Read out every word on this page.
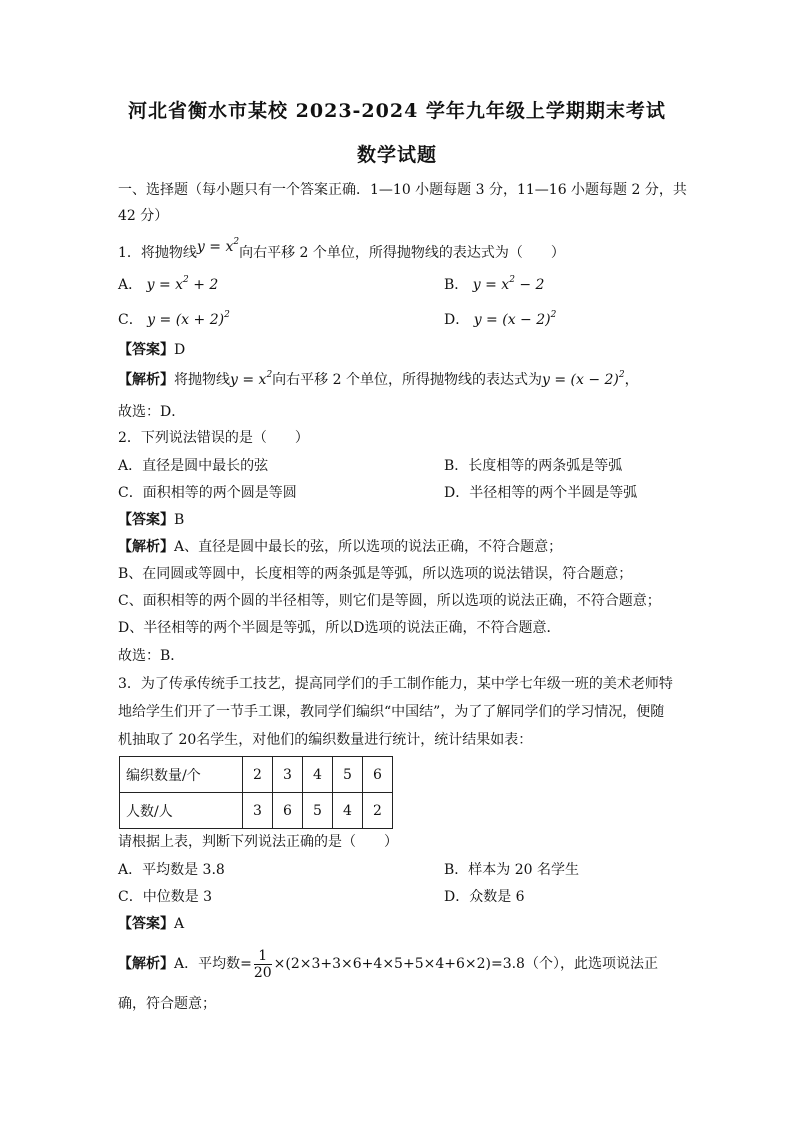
河北省衡水市某校 2023-2024 学年九年级上学期期末考试
数学试题
一、选择题（每小题只有一个答案正确．1—10 小题每题 3 分，11—16 小题每题 2 分，共
42 分）
1．将抛物线$y = x^2$向右平移 2 个单位，所得抛物线的表达式为（　　）
A． $y = x^2 + 2$	B． $y = x^2 - 2$
C． $y = (x + 2)^2$	D． $y = (x - 2)^2$
【答案】D
【解析】将抛物线$y = x^2$向右平移 2 个单位，所得抛物线的表达式为$y = (x - 2)^2$，
故选：D．
2．下列说法错误的是（　　）
A．直径是圆中最长的弦	B．长度相等的两条弧是等弧
C．面积相等的两个圆是等圆	D．半径相等的两个半圆是等弧
【答案】B
【解析】A、直径是圆中最长的弦，所以选项的说法正确，不符合题意；
B、在同圆或等圆中，长度相等的两条弧是等弧，所以选项的说法错误，符合题意；
C、面积相等的两个圆的半径相等，则它们是等圆，所以选项的说法正确，不符合题意；
D、半径相等的两个半圆是等弧，所以D选项的说法正确，不符合题意．
故选：B．
3．为了传承传统手工技艺，提高同学们的手工制作能力，某中学七年级一班的美术老师特
地给学生们开了一节手工课，教同学们编织“中国结”，为了了解同学们的学习情况，便随
机抽取了 20名学生，对他们的编织数量进行统计，统计结果如表：
编织数量/个	2	3	4	5	6
人数/人	3	6	5	4	2
请根据上表，判断下列说法正确的是（　　）
A．平均数是 3.8	B．样本为 20 名学生
C．中位数是 3	D．众数是 6
【答案】A
【解析】A．平均数= $\frac{1}{20} \times(2\times 3+3\times 6+4\times 5+5\times 4+6\times 2)=3.8$（个），此选项说法正
确，符合题意；
